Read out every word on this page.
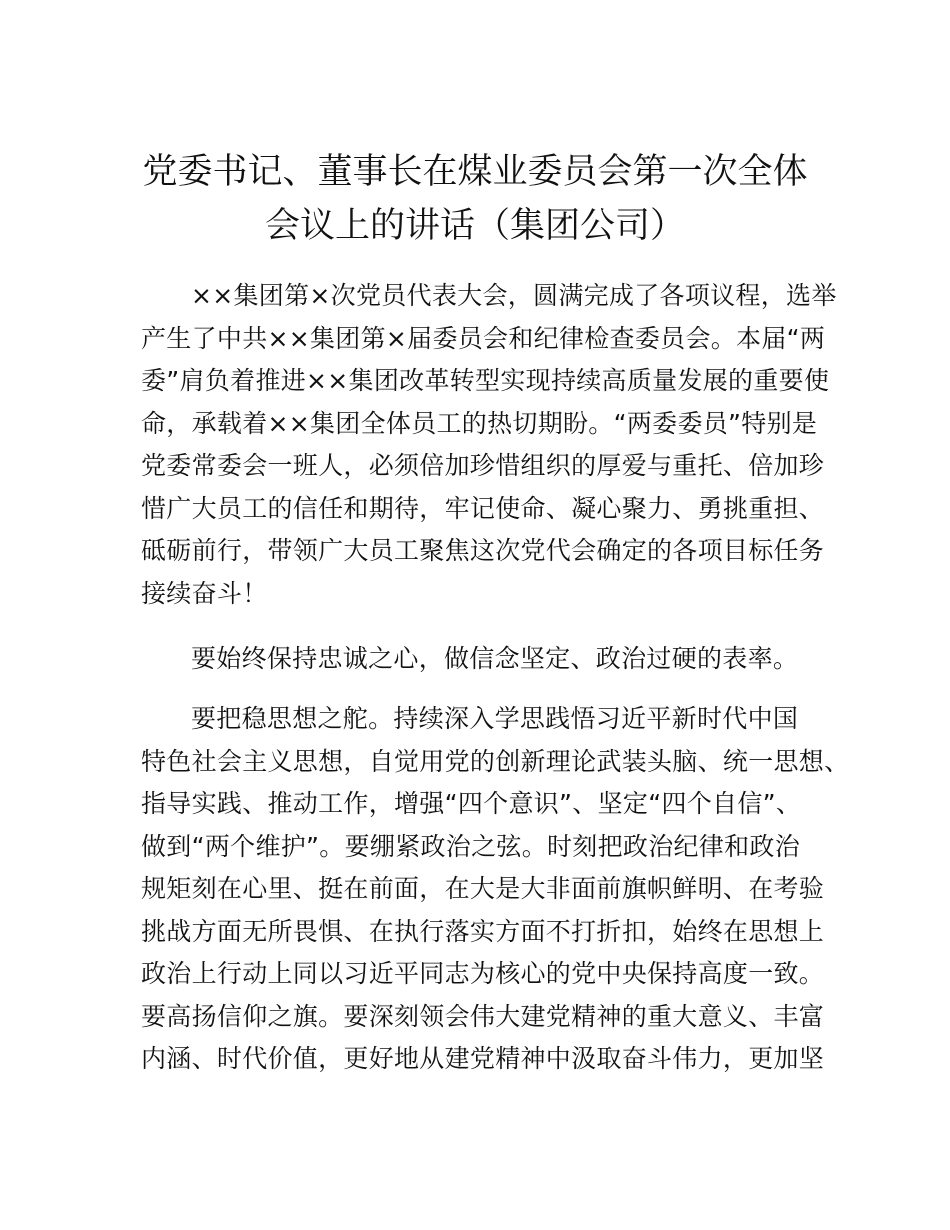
党委书记、董事长在煤业委员会第一次全体
会议上的讲话（集团公司）

××集团第×次党员代表大会，圆满完成了各项议程，选举
产生了中共××集团第×届委员会和纪律检查委员会。本届“两
委”肩负着推进××集团改革转型实现持续高质量发展的重要使
命，承载着××集团全体员工的热切期盼。“两委委员”特别是
党委常委会一班人，必须倍加珍惜组织的厚爱与重托、倍加珍
惜广大员工的信任和期待，牢记使命、凝心聚力、勇挑重担、
砥砺前行，带领广大员工聚焦这次党代会确定的各项目标任务
接续奋斗！

要始终保持忠诚之心，做信念坚定、政治过硬的表率。

要把稳思想之舵。持续深入学思践悟习近平新时代中国
特色社会主义思想，自觉用党的创新理论武装头脑、统一思想、
指导实践、推动工作，增强“四个意识”、坚定“四个自信”、
做到“两个维护”。要绷紧政治之弦。时刻把政治纪律和政治
规矩刻在心里、挺在前面，在大是大非面前旗帜鲜明、在考验
挑战方面无所畏惧、在执行落实方面不打折扣，始终在思想上
政治上行动上同以习近平同志为核心的党中央保持高度一致。
要高扬信仰之旗。要深刻领会伟大建党精神的重大意义、丰富
内涵、时代价值，更好地从建党精神中汲取奋斗伟力，更加坚
